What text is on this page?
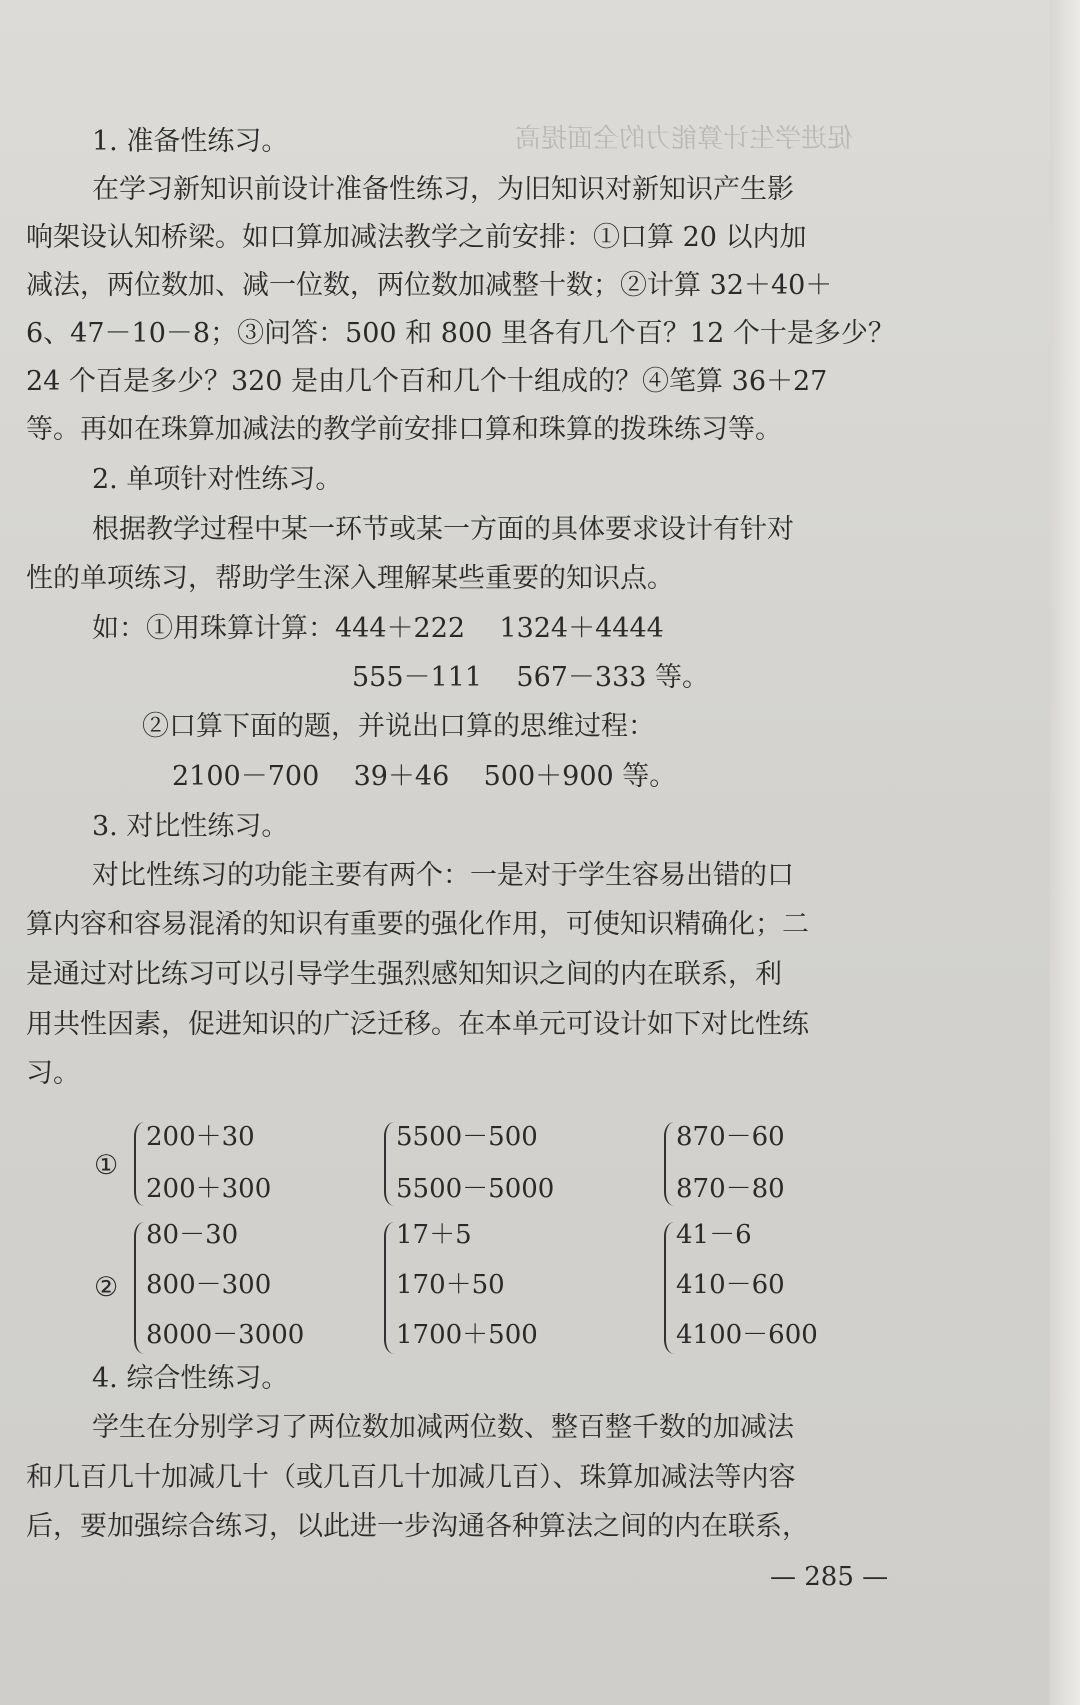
促进学生计算能力的全面提高
1. 准备性练习。
在学习新知识前设计准备性练习，为旧知识对新知识产生影
响架设认知桥梁。如口算加减法教学之前安排：①口算 20 以内加
减法，两位数加、减一位数，两位数加减整十数；②计算 32＋40＋
6、47－10－8；③问答：500 和 800 里各有几个百？12 个十是多少？
24 个百是多少？320 是由几个百和几个十组成的？④笔算 36＋27
等。再如在珠算加减法的教学前安排口算和珠算的拨珠练习等。
2. 单项针对性练习。
根据教学过程中某一环节或某一方面的具体要求设计有针对
性的单项练习，帮助学生深入理解某些重要的知识点。
如：①用珠算计算：444＋222    1324＋4444
555－111    567－333 等。
②口算下面的题，并说出口算的思维过程：
2100－700    39＋46    500＋900 等。
3. 对比性练习。
对比性练习的功能主要有两个：一是对于学生容易出错的口
算内容和容易混淆的知识有重要的强化作用，可使知识精确化；二
是通过对比练习可以引导学生强烈感知知识之间的内在联系，利
用共性因素，促进知识的广泛迁移。在本单元可设计如下对比性练
习。
①
200＋30
200＋300
5500－500
5500－5000
870－60
870－80
②
80－30
800－300
8000－3000
17＋5
170＋50
1700＋500
41－6
410－60
4100－600
4. 综合性练习。
学生在分别学习了两位数加减两位数、整百整千数的加减法
和几百几十加减几十（或几百几十加减几百）、珠算加减法等内容
后，要加强综合练习，以此进一步沟通各种算法之间的内在联系，
— 285 —
